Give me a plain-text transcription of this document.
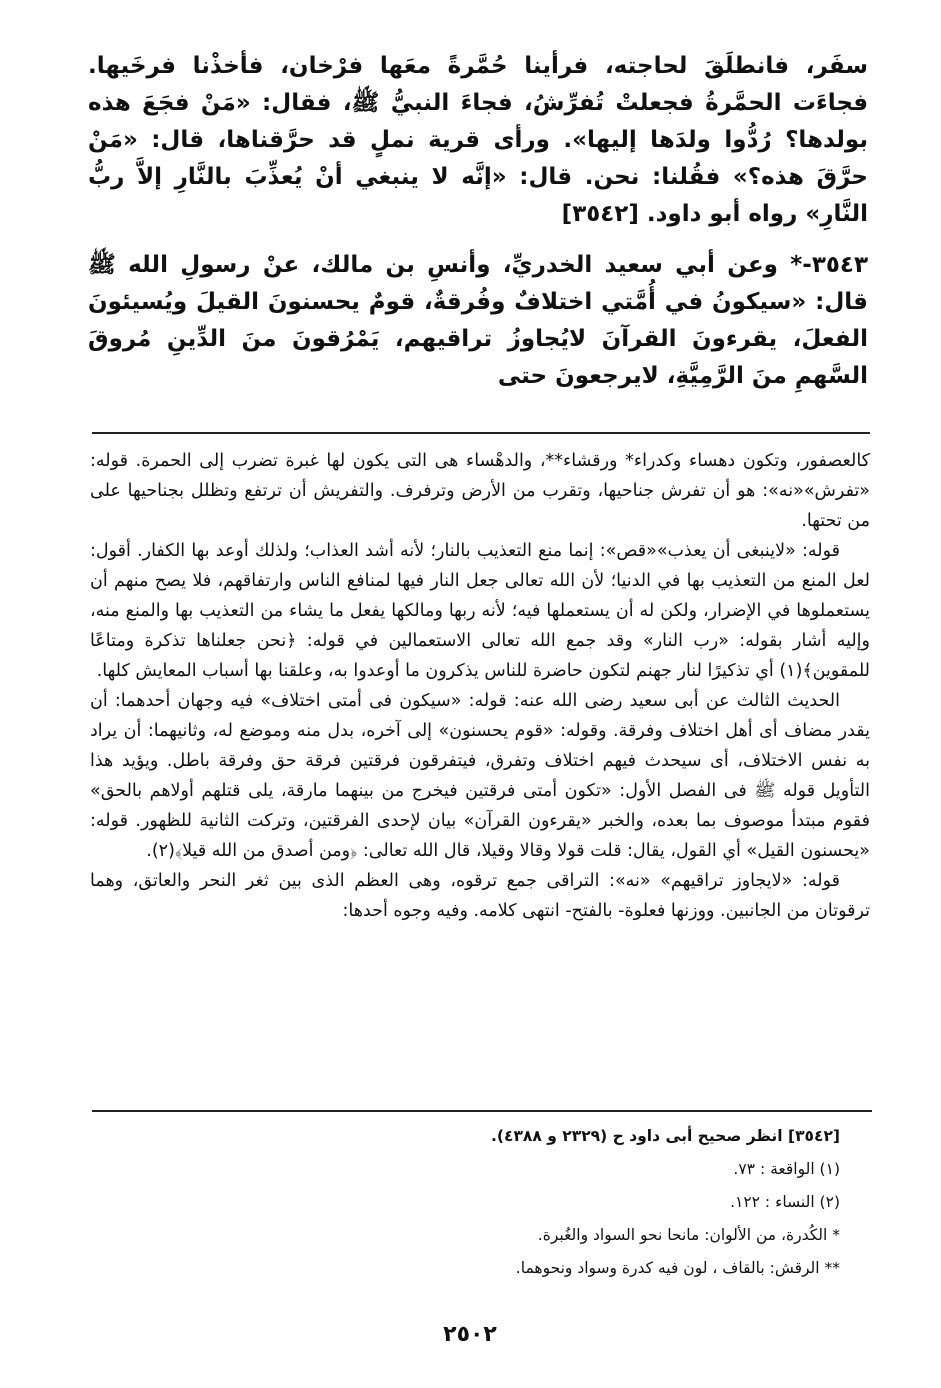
سفَر، فانطلَقَ لحاجته، فرأينا حُمَّرةً معَها فرْخان، فأخذْنا فرخَيها. فجاءَت الحمَّرةُ فجعلتْ تُفرِّشُ، فجاءَ النبيُّ ﷺ، فقال: «مَنْ فجَعَ هذه بولدها؟ رُدُّوا ولدَها إليها». ورأى قرية نملٍ قد حرَّقناها، قال: «مَنْ حرَّقَ هذه؟» فقُلنا: نحن. قال: «إنَّه لا ينبغي أنْ يُعذِّبَ بالنَّارِ إلاَّ ربُّ النَّارِ» رواه أبو داود. [٣٥٤٢]

٣٥٤٣-* وعن أبي سعيد الخدريِّ، وأنسِ بن مالك، عنْ رسولِ الله ﷺ قال: «سيكونُ في أُمَّتي اختلافٌ وفُرقةٌ، قومٌ يحسنونَ القيلَ ويُسيئونَ الفعلَ، يقرءونَ القرآنَ لايُجاوزُ تراقيهم، يَمْرُقونَ منَ الدِّينِ مُروقَ السَّهمِ منَ الرَّمِيَّةِ، لايرجعونَ حتى

كالعصفور، وتكون دهساء وكدراء* ورقشاء**، والدهْساء هى التى يكون لها غبرة تضرب إلى الحمرة. قوله: «تفرش»«نه»: هو أن تفرش جناحيها، وتقرب من الأرض وترفرف. والتفريش أن ترتفع وتظلل بجناحيها على من تحتها.

قوله: «لاينبغى أن يعذب»«قص»: إنما منع التعذيب بالنار؛ لأنه أشد العذاب؛ ولذلك أوعد بها الكفار. أقول: لعل المنع من التعذيب بها في الدنيا؛ لأن الله تعالى جعل النار فيها لمنافع الناس وارتفاقهم، فلا يصح منهم أن يستعملوها في الإضرار، ولكن له أن يستعملها فيه؛ لأنه ربها ومالكها يفعل ما يشاء من التعذيب بها والمنع منه، وإليه أشار بقوله: «رب النار» وقد جمع الله تعالى الاستعمالين في قوله: ﴿نحن جعلناها تذكرة ومتاعًا للمقوين﴾(١) أي تذكيرًا لنار جهنم لتكون حاضرة للناس يذكرون ما أوعدوا به، وعلقنا بها أسباب المعايش كلها.

الحديث الثالث عن أبى سعيد رضى الله عنه: قوله: «سيكون فى أمتى اختلاف» فيه وجهان أحدهما: أن يقدر مضاف أى أهل اختلاف وفرقة. وقوله: «قوم يحسنون» إلى آخره، بدل منه وموضع له، وثانيهما: أن يراد به نفس الاختلاف، أى سيحدث فيهم اختلاف وتفرق، فيتفرقون فرقتين فرقة حق وفرقة باطل. ويؤيد هذا التأويل قوله ﷺ فى الفصل الأول: «تكون أمتى فرقتين فيخرج من بينهما مارقة، يلى قتلهم أولاهم بالحق» فقوم مبتدأ موصوف بما بعده، والخبر «يقرءون القرآن» بيان لإحدى الفرقتين، وتركت الثانية للظهور. قوله: «يحسنون القيل» أي القول، يقال: قلت قولا وقالا وقيلا، قال الله تعالى: ﴿ومن أصدق من الله قيلا﴾(٢).

قوله: «لايجاوز تراقيهم» «نه»: التراقى جمع ترقوه، وهى العظم الذى بين ثغر النحر والعاتق، وهما ترقوتان من الجانبين. ووزنها فعلوة- بالفتح- انتهى كلامه. وفيه وجوه أحدها:

[٣٥٤٢] انظر صحيح أبى داود ح (٢٣٢٩ و ٤٣٨٨).
(١) الواقعة : ٧٣.
(٢) النساء : ١٢٢.
* الكُدرة، من الألوان: مانحا نحو السواد والغُبرة.
** الرقش: بالقاف ، لون فيه كدرة وسواد ونحوهما.
٢٥٠٢
